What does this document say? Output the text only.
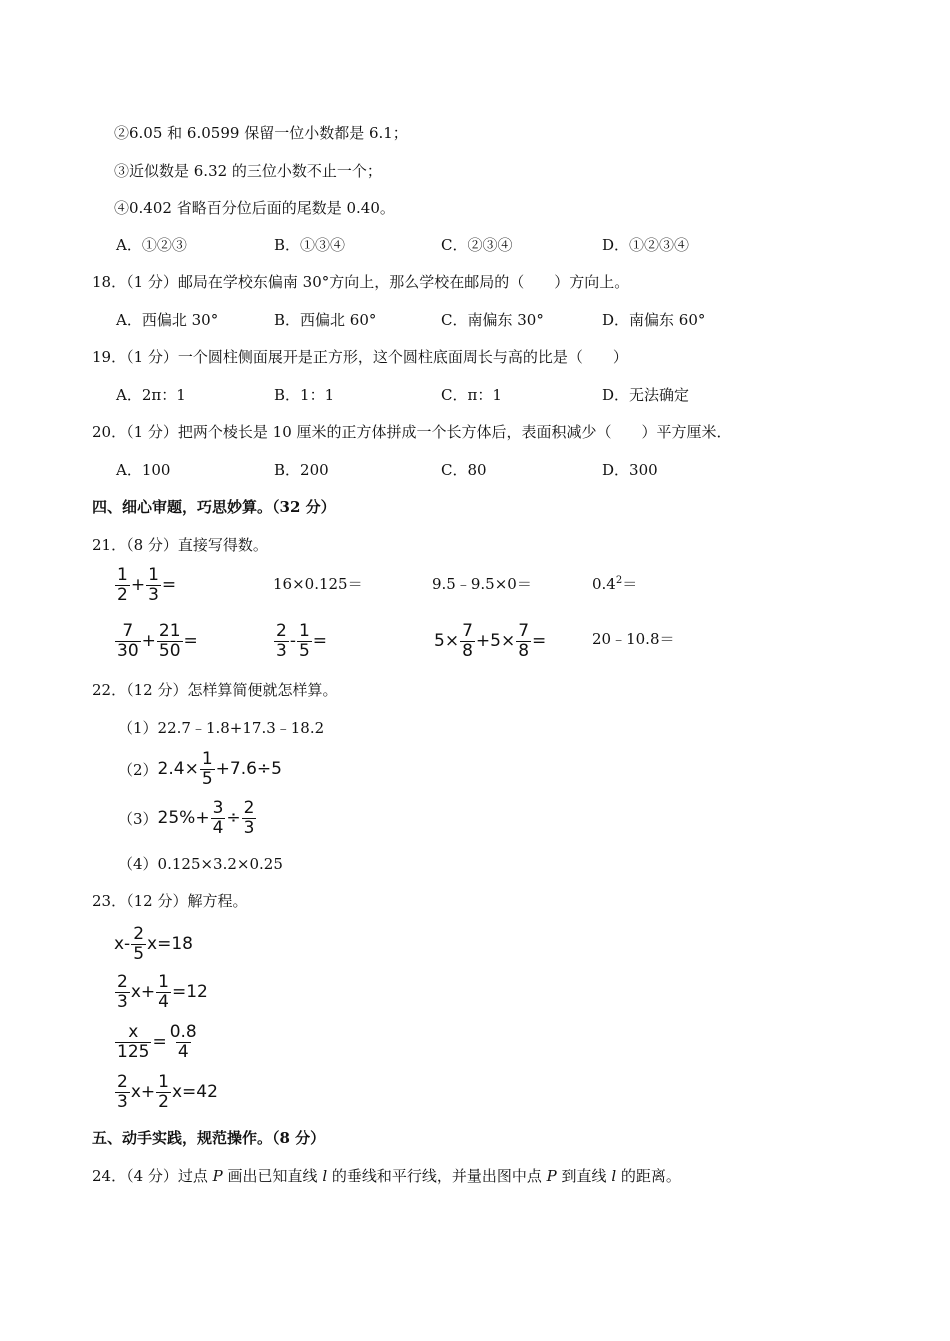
②6.05 和 6.0599 保留一位小数都是 6.1；
③近似数是 6.32 的三位小数不止一个；
④0.402 省略百分位后面的尾数是 0.40。
A．①②③	B．①③④	C．②③④	D．①②③④
18．（1 分）邮局在学校东偏南 30°方向上，那么学校在邮局的（　　）方向上。
A．西偏北 30°	B．西偏北 60°	C．南偏东 30°	D．南偏东 60°
19．（1 分）一个圆柱侧面展开是正方形，这个圆柱底面周长与高的比是（　　）
A．2π：1	B．1：1	C．π：1	D．无法确定
20．（1 分）把两个棱长是 10 厘米的正方体拼成一个长方体后，表面积减少（　　）平方厘米．
A．100	B．200	C．80	D．300
四、细心审题，巧思妙算。（32 分）
21．（8 分）直接写得数。
$\frac{1}{2} + \frac{1}{3}$ =	16×0.125＝	9.5﹣9.5×0＝	$0.4^2=$
$\frac{7}{30} + \frac{21}{50}$ =	$\frac{2}{3} - \frac{1}{5}$ =	$5\times \frac{7}{8} +5\times \frac{7}{8}$ =	20﹣10.8＝
22．（12 分）怎样算简便就怎样算。
（1）22.7﹣1.8+17.3﹣18.2
（2） $2.4\times \frac{1}{5} +7.6\div 5$
（3） $25\%+ \frac{3}{4} \div \frac{2}{3}$
（4）0.125×3.2×0.25
23．（12 分）解方程。
$x- \frac{2}{5} x=18$
$\frac{2}{3} x+ \frac{1}{4} =12$
$\frac{x}{125} = \frac{0.8}{4}$
$\frac{2}{3} x+ \frac{1}{2} x=42$
五、动手实践，规范操作。（8 分）
24．（4 分）过点 P 画出已知直线 l 的垂线和平行线，并量出图中点 P 到直线 l 的距离。
